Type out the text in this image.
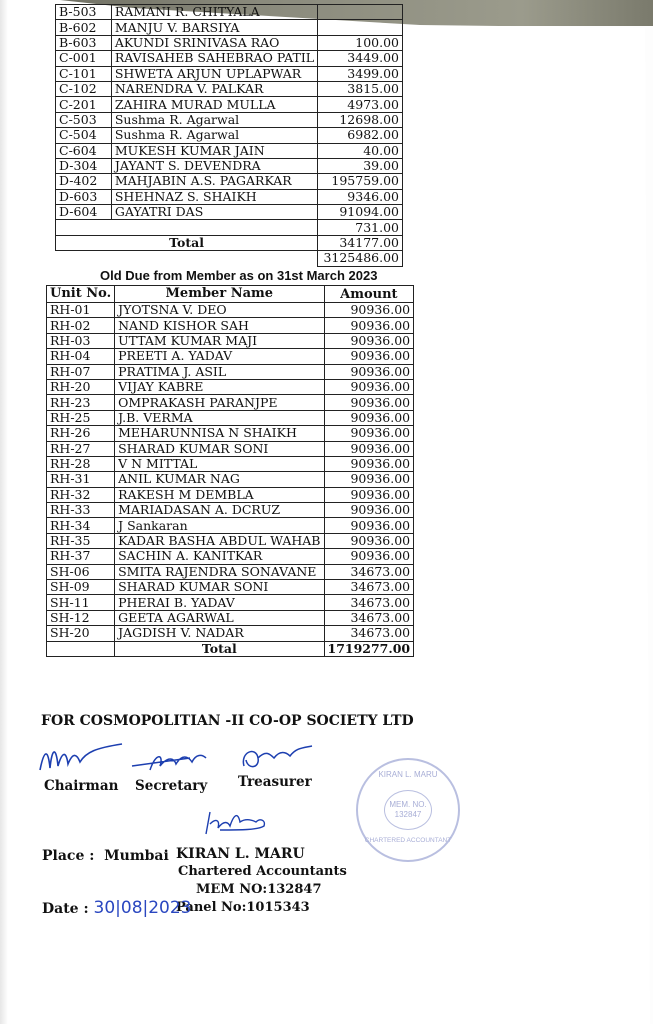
B-503	RAMANI R. CHITYALA	
B-602	MANJU V. BARSIYA	
B-603	AKUNDI SRINIVASA RAO	100.00
C-001	RAVISAHEB SAHEBRAO PATIL	3449.00
C-101	SHWETA ARJUN UPLAPWAR	3499.00
C-102	NARENDRA V. PALKAR	3815.00
C-201	ZAHIRA MURAD MULLA	4973.00
C-503	Sushma R. Agarwal	12698.00
C-504	Sushma R. Agarwal	6982.00
C-604	MUKESH KUMAR JAIN	40.00
D-304	JAYANT S. DEVENDRA	39.00
D-402	MAHJABIN A.S. PAGARKAR	195759.00
D-603	SHEHNAZ S. SHAIKH	9346.00
D-604	GAYATRI DAS	91094.00
		731.00
Total		34177.00
		3125486.00
Old Due from Member as on 31st March 2023
Unit No.	Member Name	Amount
RH-01	JYOTSNA V. DEO	90936.00
RH-02	NAND KISHOR SAH	90936.00
RH-03	UTTAM KUMAR MAJI	90936.00
RH-04	PREETI A. YADAV	90936.00
RH-07	PRATIMA J. ASIL	90936.00
RH-20	VIJAY KABRE	90936.00
RH-23	OMPRAKASH PARANJPE	90936.00
RH-25	J.B. VERMA	90936.00
RH-26	MEHARUNNISA N SHAIKH	90936.00
RH-27	SHARAD KUMAR SONI	90936.00
RH-28	V N MITTAL	90936.00
RH-31	ANIL KUMAR NAG	90936.00
RH-32	RAKESH M DEMBLA	90936.00
RH-33	MARIADASAN A. DCRUZ	90936.00
RH-34	J Sankaran	90936.00
RH-35	KADAR BASHA ABDUL WAHAB	90936.00
RH-37	SACHIN A. KANITKAR	90936.00
SH-06	SMITA RAJENDRA SONAVANE	34673.00
SH-09	SHARAD KUMAR SONI	34673.00
SH-11	PHERAI B. YADAV	34673.00
SH-12	GEETA AGARWAL	34673.00
SH-20	JAGDISH V. NADAR	34673.00
	Total	1719277.00
FOR COSMOPOLITIAN -II CO-OP SOCIETY LTD
Chairman Secretary Treasurer	KIRAN L. MARU
MEM. NO.
132847
CHARTERED ACCOUNTANT
Place : Mumbai KIRAN L. MARU
Chartered Accountants
MEM NO:132847
Panel No:1015343
Date : 30|08|2023
